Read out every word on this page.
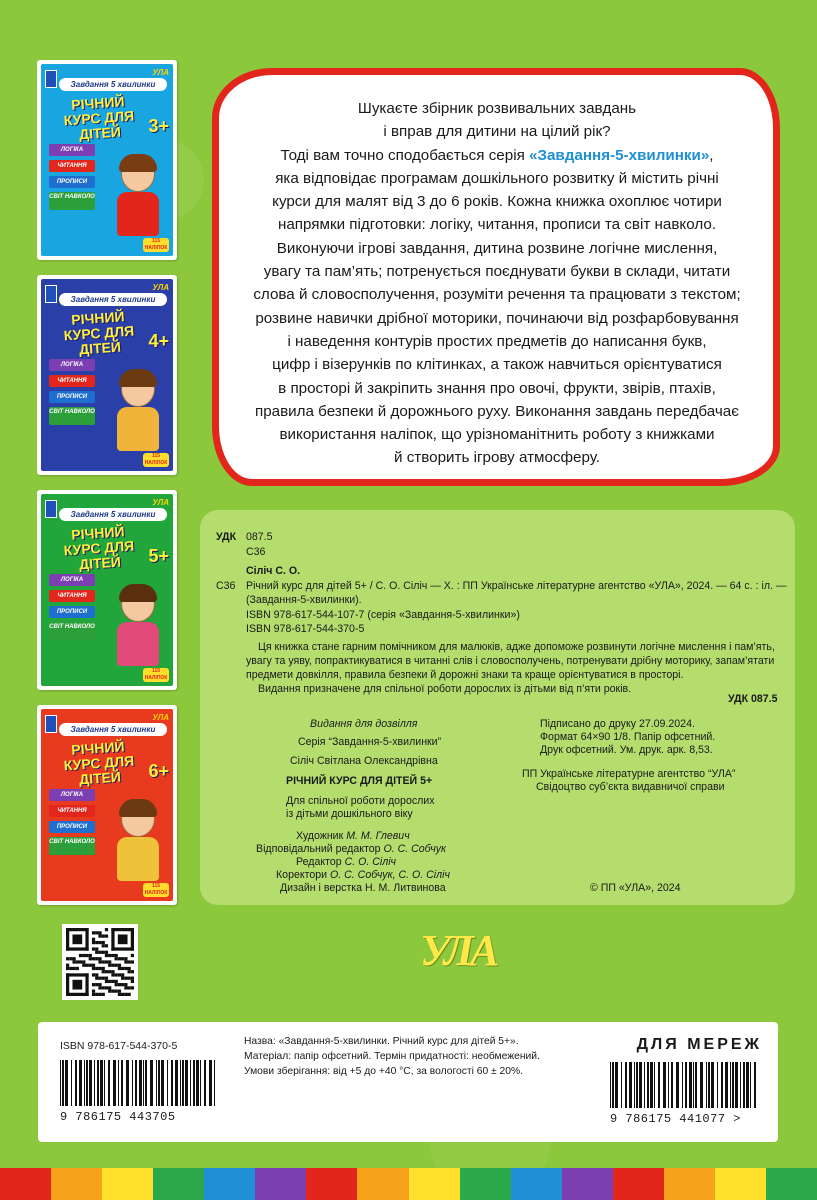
УЛА
Завдання 5 хвилинки
РІЧНИЙ КУРС ДЛЯ ДІТЕЙ	3+
ЛОГІКА
ЧИТАННЯ
ПРОПИСИ
СВІТ НАВКОЛО
115 НАЛІПОК
УЛА
Завдання 5 хвилинки
РІЧНИЙ КУРС ДЛЯ ДІТЕЙ	4+
ЛОГІКА
ЧИТАННЯ
ПРОПИСИ
СВІТ НАВКОЛО
115 НАЛІПОК
УЛА
Завдання 5 хвилинки
РІЧНИЙ КУРС ДЛЯ ДІТЕЙ	5+
ЛОГІКА
ЧИТАННЯ
ПРОПИСИ
СВІТ НАВКОЛО
115 НАЛІПОК
УЛА
Завдання 5 хвилинки
РІЧНИЙ КУРС ДЛЯ ДІТЕЙ	6+
ЛОГІКА
ЧИТАННЯ
ПРОПИСИ
СВІТ НАВКОЛО
115 НАЛІПОК
Шукаєте збірник розвивальних завдань
і вправ для дитини на цілий рік?
Тоді вам точно сподобається серія «Завдання-5-хвилинки»,
яка відповідає програмам дошкільного розвитку й містить річні
курси для малят від 3 до 6 років. Кожна книжка охоплює чотири
напрямки підготовки: логіку, читання, прописи та світ навколо.
Виконуючи ігрові завдання, дитина розвине логічне мислення,
увагу та пам’ять; потренується поєднувати букви в склади, читати
слова й словосполучення, розуміти речення та працювати з текстом;
розвине навички дрібної моторики, починаючи від розфарбовування
і наведення контурів простих предметів до написання букв,
цифр і візерунків по клітинках, а також навчиться орієнтуватися
в просторі й закріпить знання про овочі, фрукти, звірів, птахів,
правила безпеки й дорожнього руху. Виконання завдань передбачає
використання наліпок, що урізноманітнить роботу з книжками
й створить ігрову атмосферу.

УДК 087.5

С36

Сіліч С. О.

С36 Річний курс для дітей 5+ / С. О. Сіліч — Х. : ПП Українське літературне агентство «УЛА», 2024. — 64 с. : іл. —

(Завдання-5-хвилинки).

ISBN 978-617-544-107-7 (серія «Завдання-5-хвилинки»)

ISBN 978-617-544-370-5

Ця книжка стане гарним помічником для малюків, адже допоможе розвинути логічне мислення і пам’ять,

увагу та уяву, попрактикуватися в читанні слів і словосполучень, потренувати дрібну моторику, запам’ятати

предмети довкілля, правила безпеки й дорожні знаки та краще орієнтуватися в просторі.

Видання призначене для спільної роботи дорослих із дітьми від п’яти років.

УДК 087.5

Видання для дозвілля

Серія “Завдання-5-хвилинки”

Сіліч Світлана Олександрівна

РІЧНИЙ КУРС ДЛЯ ДІТЕЙ 5+

Для спільної роботи дорослих

із дітьми дошкільного віку

Художник М. М. Глевич

Відповідальний редактор О. С. Собчук

Редактор С. О. Сіліч

Коректори О. С. Собчук, С. О. Сіліч

Дизайн і верстка Н. М. Литвинова

Підписано до друку 27.09.2024.

Формат 64×90 1/8. Папір офсетний.

Друк офсетний. Ум. друк. арк. 8,53.

ПП Українське літературне агентство “УЛА”

Свідоцтво суб’єкта видавничої справи

© ПП «УЛА», 2024

УЛА
ISBN 978-617-544-370-5
9 786175 443705
Назва: «Завдання-5-хвилинки. Річний курс для дітей 5+».
Матеріал: папір офсетний. Термін придатності: необмежений.
Умови зберігання: від +5 до +40 °С, за вологості 60 ± 20%.
ДЛЯ МЕРЕЖ
9 786175 441077 >
